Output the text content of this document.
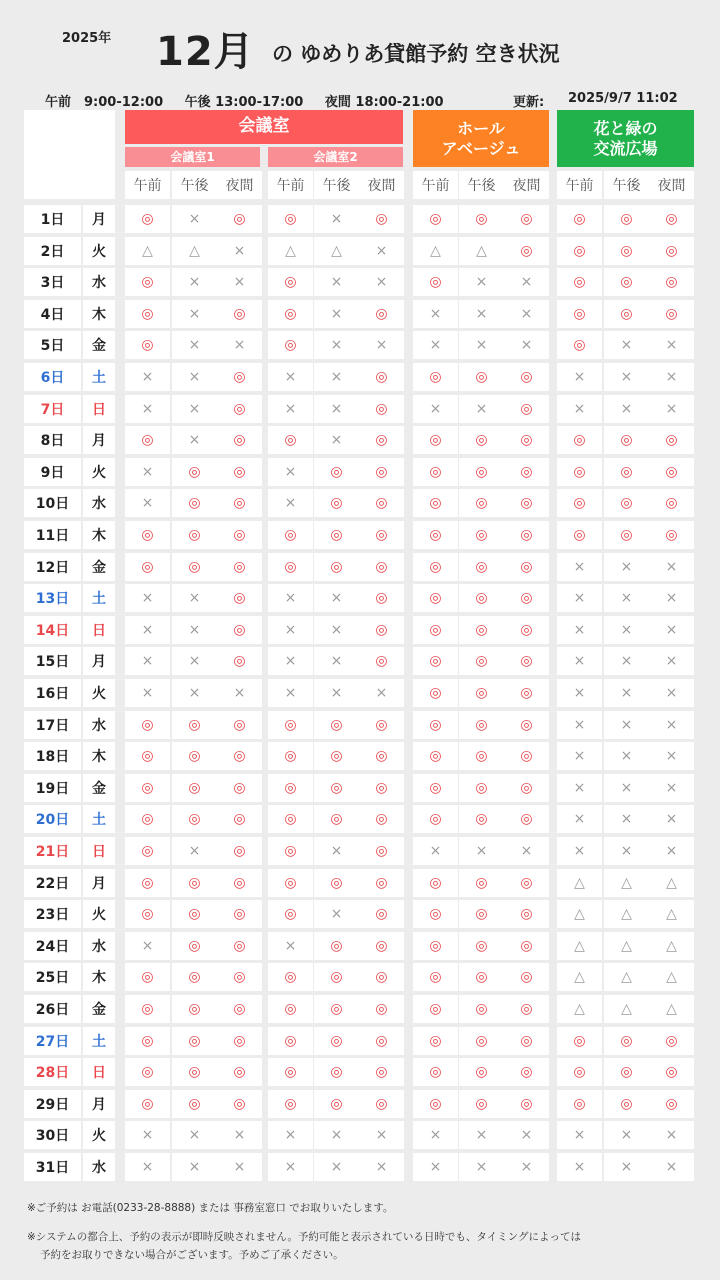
2025年 12月 の ゆめりあ貸館予約 空き状況
午前　9:00-12:00 午後 13:00-17:00 夜間 18:00-21:00	更新: 2025/9/7 11:02
会議室
会議室1	会議室2
ホール
アベージュ
花と緑の
交流広場
午前	午後	夜間	午前	午後	夜間	午前	午後	夜間	午前	午後	夜間
1日	月	◎	×	◎	◎	×	◎	◎	◎	◎	◎	◎	◎
2日	火	△	△	×	△	△	×	△	△	◎	◎	◎	◎
3日	水	◎	×	×	◎	×	×	◎	×	×	◎	◎	◎
4日	木	◎	×	◎	◎	×	◎	×	×	×	◎	◎	◎
5日	金	◎	×	×	◎	×	×	×	×	×	◎	×	×
6日	土	×	×	◎	×	×	◎	◎	◎	◎	×	×	×
7日	日	×	×	◎	×	×	◎	×	×	◎	×	×	×
8日	月	◎	×	◎	◎	×	◎	◎	◎	◎	◎	◎	◎
9日	火	×	◎	◎	×	◎	◎	◎	◎	◎	◎	◎	◎
10日	水	×	◎	◎	×	◎	◎	◎	◎	◎	◎	◎	◎
11日	木	◎	◎	◎	◎	◎	◎	◎	◎	◎	◎	◎	◎
12日	金	◎	◎	◎	◎	◎	◎	◎	◎	◎	×	×	×
13日	土	×	×	◎	×	×	◎	◎	◎	◎	×	×	×
14日	日	×	×	◎	×	×	◎	◎	◎	◎	×	×	×
15日	月	×	×	◎	×	×	◎	◎	◎	◎	×	×	×
16日	火	×	×	×	×	×	×	◎	◎	◎	×	×	×
17日	水	◎	◎	◎	◎	◎	◎	◎	◎	◎	×	×	×
18日	木	◎	◎	◎	◎	◎	◎	◎	◎	◎	×	×	×
19日	金	◎	◎	◎	◎	◎	◎	◎	◎	◎	×	×	×
20日	土	◎	◎	◎	◎	◎	◎	◎	◎	◎	×	×	×
21日	日	◎	×	◎	◎	×	◎	×	×	×	×	×	×
22日	月	◎	◎	◎	◎	◎	◎	◎	◎	◎	△	△	△
23日	火	◎	◎	◎	◎	×	◎	◎	◎	◎	△	△	△
24日	水	×	◎	◎	×	◎	◎	◎	◎	◎	△	△	△
25日	木	◎	◎	◎	◎	◎	◎	◎	◎	◎	△	△	△
26日	金	◎	◎	◎	◎	◎	◎	◎	◎	◎	△	△	△
27日	土	◎	◎	◎	◎	◎	◎	◎	◎	◎	◎	◎	◎
28日	日	◎	◎	◎	◎	◎	◎	◎	◎	◎	◎	◎	◎
29日	月	◎	◎	◎	◎	◎	◎	◎	◎	◎	◎	◎	◎
30日	火	×	×	×	×	×	×	×	×	×	×	×	×
31日	水	×	×	×	×	×	×	×	×	×	×	×	×
※ご予約は お電話(0233-28-8888) または 事務室窓口 でお取りいたします。
※システムの都合上、予約の表示が即時反映されません。予約可能と表示されている日時でも、タイミングによっては
予約をお取りできない場合がございます。予めご了承ください。
